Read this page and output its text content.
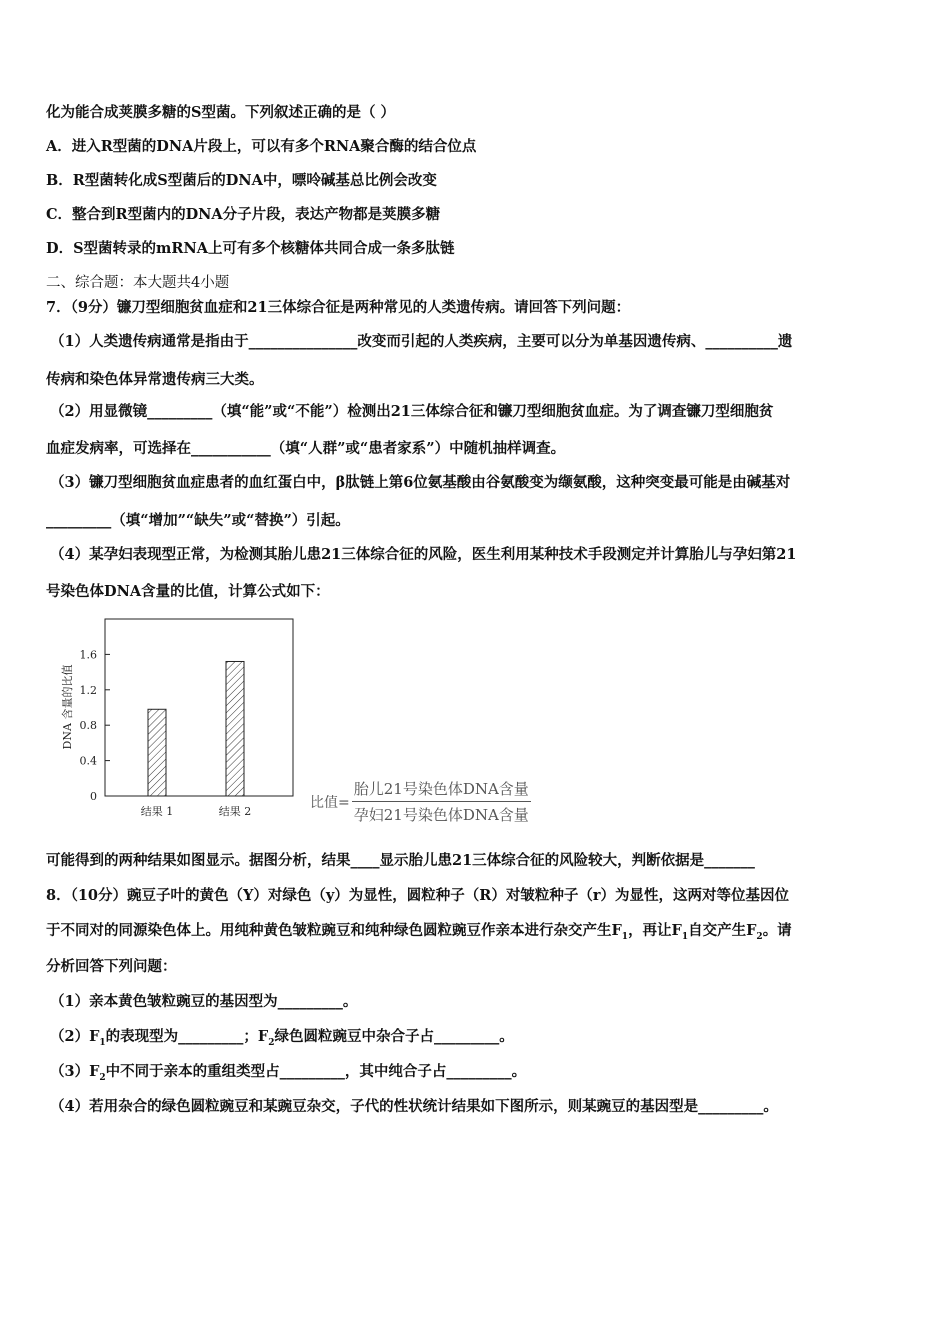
化为能合成荚膜多糖的S型菌。下列叙述正确的是（ ）
A．进入R型菌的DNA片段上，可以有多个RNA聚合酶的结合位点
B．R型菌转化成S型菌后的DNA中，嘌呤碱基总比例会改变
C．整合到R型菌内的DNA分子片段，表达产物都是荚膜多糖
D．S型菌转录的mRNA上可有多个核糖体共同合成一条多肽链
二、综合题：本大题共4小题
7．（9分）镰刀型细胞贫血症和21三体综合征是两种常见的人类遗传病。请回答下列问题：
（1）人类遗传病通常是指由于_______________改变而引起的人类疾病，主要可以分为单基因遗传病、__________遗
传病和染色体异常遗传病三大类。
（2）用显微镜_________（填“能”或“不能”）检测出21三体综合征和镰刀型细胞贫血症。为了调查镰刀型细胞贫
血症发病率，可选择在___________（填“人群”或“患者家系”）中随机抽样调查。
（3）镰刀型细胞贫血症患者的血红蛋白中，β肽链上第6位氨基酸由谷氨酸变为缬氨酸，这种突变最可能是由碱基对
_________（填“增加”“缺失”或“替换”）引起。
（4）某孕妇表现型正常，为检测其胎儿患21三体综合征的风险，医生利用某种技术手段测定并计算胎儿与孕妇第21
号染色体DNA含量的比值，计算公式如下：
0
0.4
0.8
1.2
1.6
结果 1	结果 2
DNA 含量的比值
比值= $\frac{\text{胎儿21号染色体DNA含量}}{\text{孕妇21号染色体DNA含量}}$
可能得到的两种结果如图显示。据图分析，结果____显示胎儿患21三体综合征的风险较大，判断依据是_______
8．（10分）豌豆子叶的黄色（Y）对绿色（y）为显性，圆粒种子（R）对皱粒种子（r）为显性，这两对等位基因位
于不同对的同源染色体上。用纯种黄色皱粒豌豆和纯种绿色圆粒豌豆作亲本进行杂交产生$F_1$，再让$F_1$自交产生$F_2$。请
分析回答下列问题：
（1）亲本黄色皱粒豌豆的基因型为_________。
$(2)F_1$的表现型为_________；$F_2$绿色圆粒豌豆中杂合子占_________。
$(3)F_2$中不同于亲本的重组类型占_________，其中纯合子占_________。
（4）若用杂合的绿色圆粒豌豆和某豌豆杂交，子代的性状统计结果如下图所示，则某豌豆的基因型是_________。
